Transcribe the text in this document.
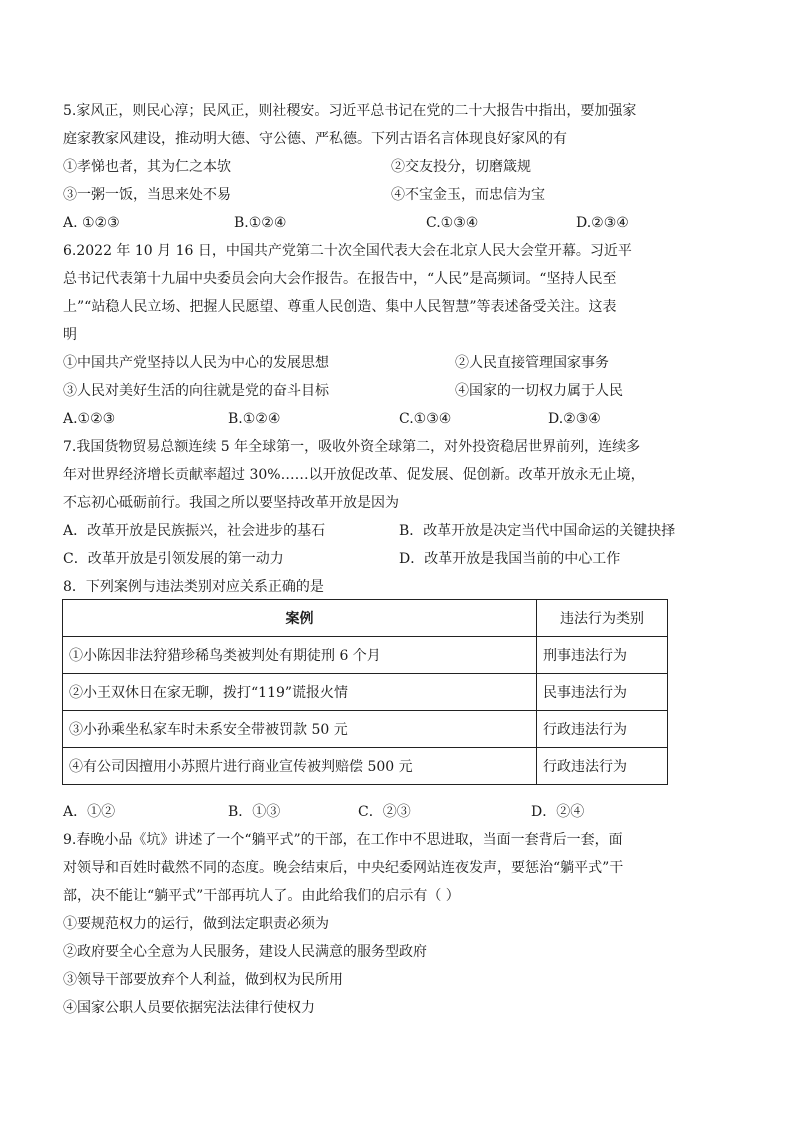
5.家风正，则民心淳；民风正，则社稷安。习近平总书记在党的二十大报告中指出，要加强家
庭家教家风建设，推动明大德、守公德、严私德。下列古语名言体现良好家风的有
①孝悌也者，其为仁之本欤	②交友投分，切磨箴规
③一粥一饭，当思来处不易	④不宝金玉，而忠信为宝
A. ①②③	B.①②④	C.①③④	D.②③④
6.2022 年 10 月 16 日，中国共产党第二十次全国代表大会在北京人民大会堂开幕。习近平
总书记代表第十九届中央委员会向大会作报告。在报告中，“人民”是高频词。“坚持人民至
上”“站稳人民立场、把握人民愿望、尊重人民创造、集中人民智慧”等表述备受关注。这表
明
①中国共产党坚持以人民为中心的发展思想	②人民直接管理国家事务
③人民对美好生活的向往就是党的奋斗目标	④国家的一切权力属于人民
A.①②③	B.①②④	C.①③④	D.②③④
7.我国货物贸易总额连续 5 年全球第一，吸收外资全球第二，对外投资稳居世界前列，连续多
年对世界经济增长贡献率超过 30%……以开放促改革、促发展、促创新。改革开放永无止境，
不忘初心砥砺前行。我国之所以要坚持改革开放是因为
A．改革开放是民族振兴，社会进步的基石	B．改革开放是决定当代中国命运的关键抉择
C．改革开放是引领发展的第一动力	D．改革开放是我国当前的中心工作
8．下列案例与违法类别对应关系正确的是
案例	违法行为类别
①小陈因非法狩猎珍稀鸟类被判处有期徒刑 6 个月	刑事违法行为
②小王双休日在家无聊，拨打“119”谎报火情	民事违法行为
③小孙乘坐私家车时未系安全带被罚款 50 元	行政违法行为
④有公司因擅用小苏照片进行商业宣传被判赔偿 500 元	行政违法行为
A．①②	B．①③	C．②③	D．②④
9.春晚小品《坑》讲述了一个“躺平式”的干部，在工作中不思进取，当面一套背后一套，面
对领导和百姓时截然不同的态度。晚会结束后，中央纪委网站连夜发声，要惩治“躺平式”干
部，决不能让“躺平式”干部再坑人了。由此给我们的启示有（ ）
①要规范权力的运行，做到法定职责必须为
②政府要全心全意为人民服务，建设人民满意的服务型政府
③领导干部要放弃个人利益，做到权为民所用
④国家公职人员要依据宪法法律行使权力
